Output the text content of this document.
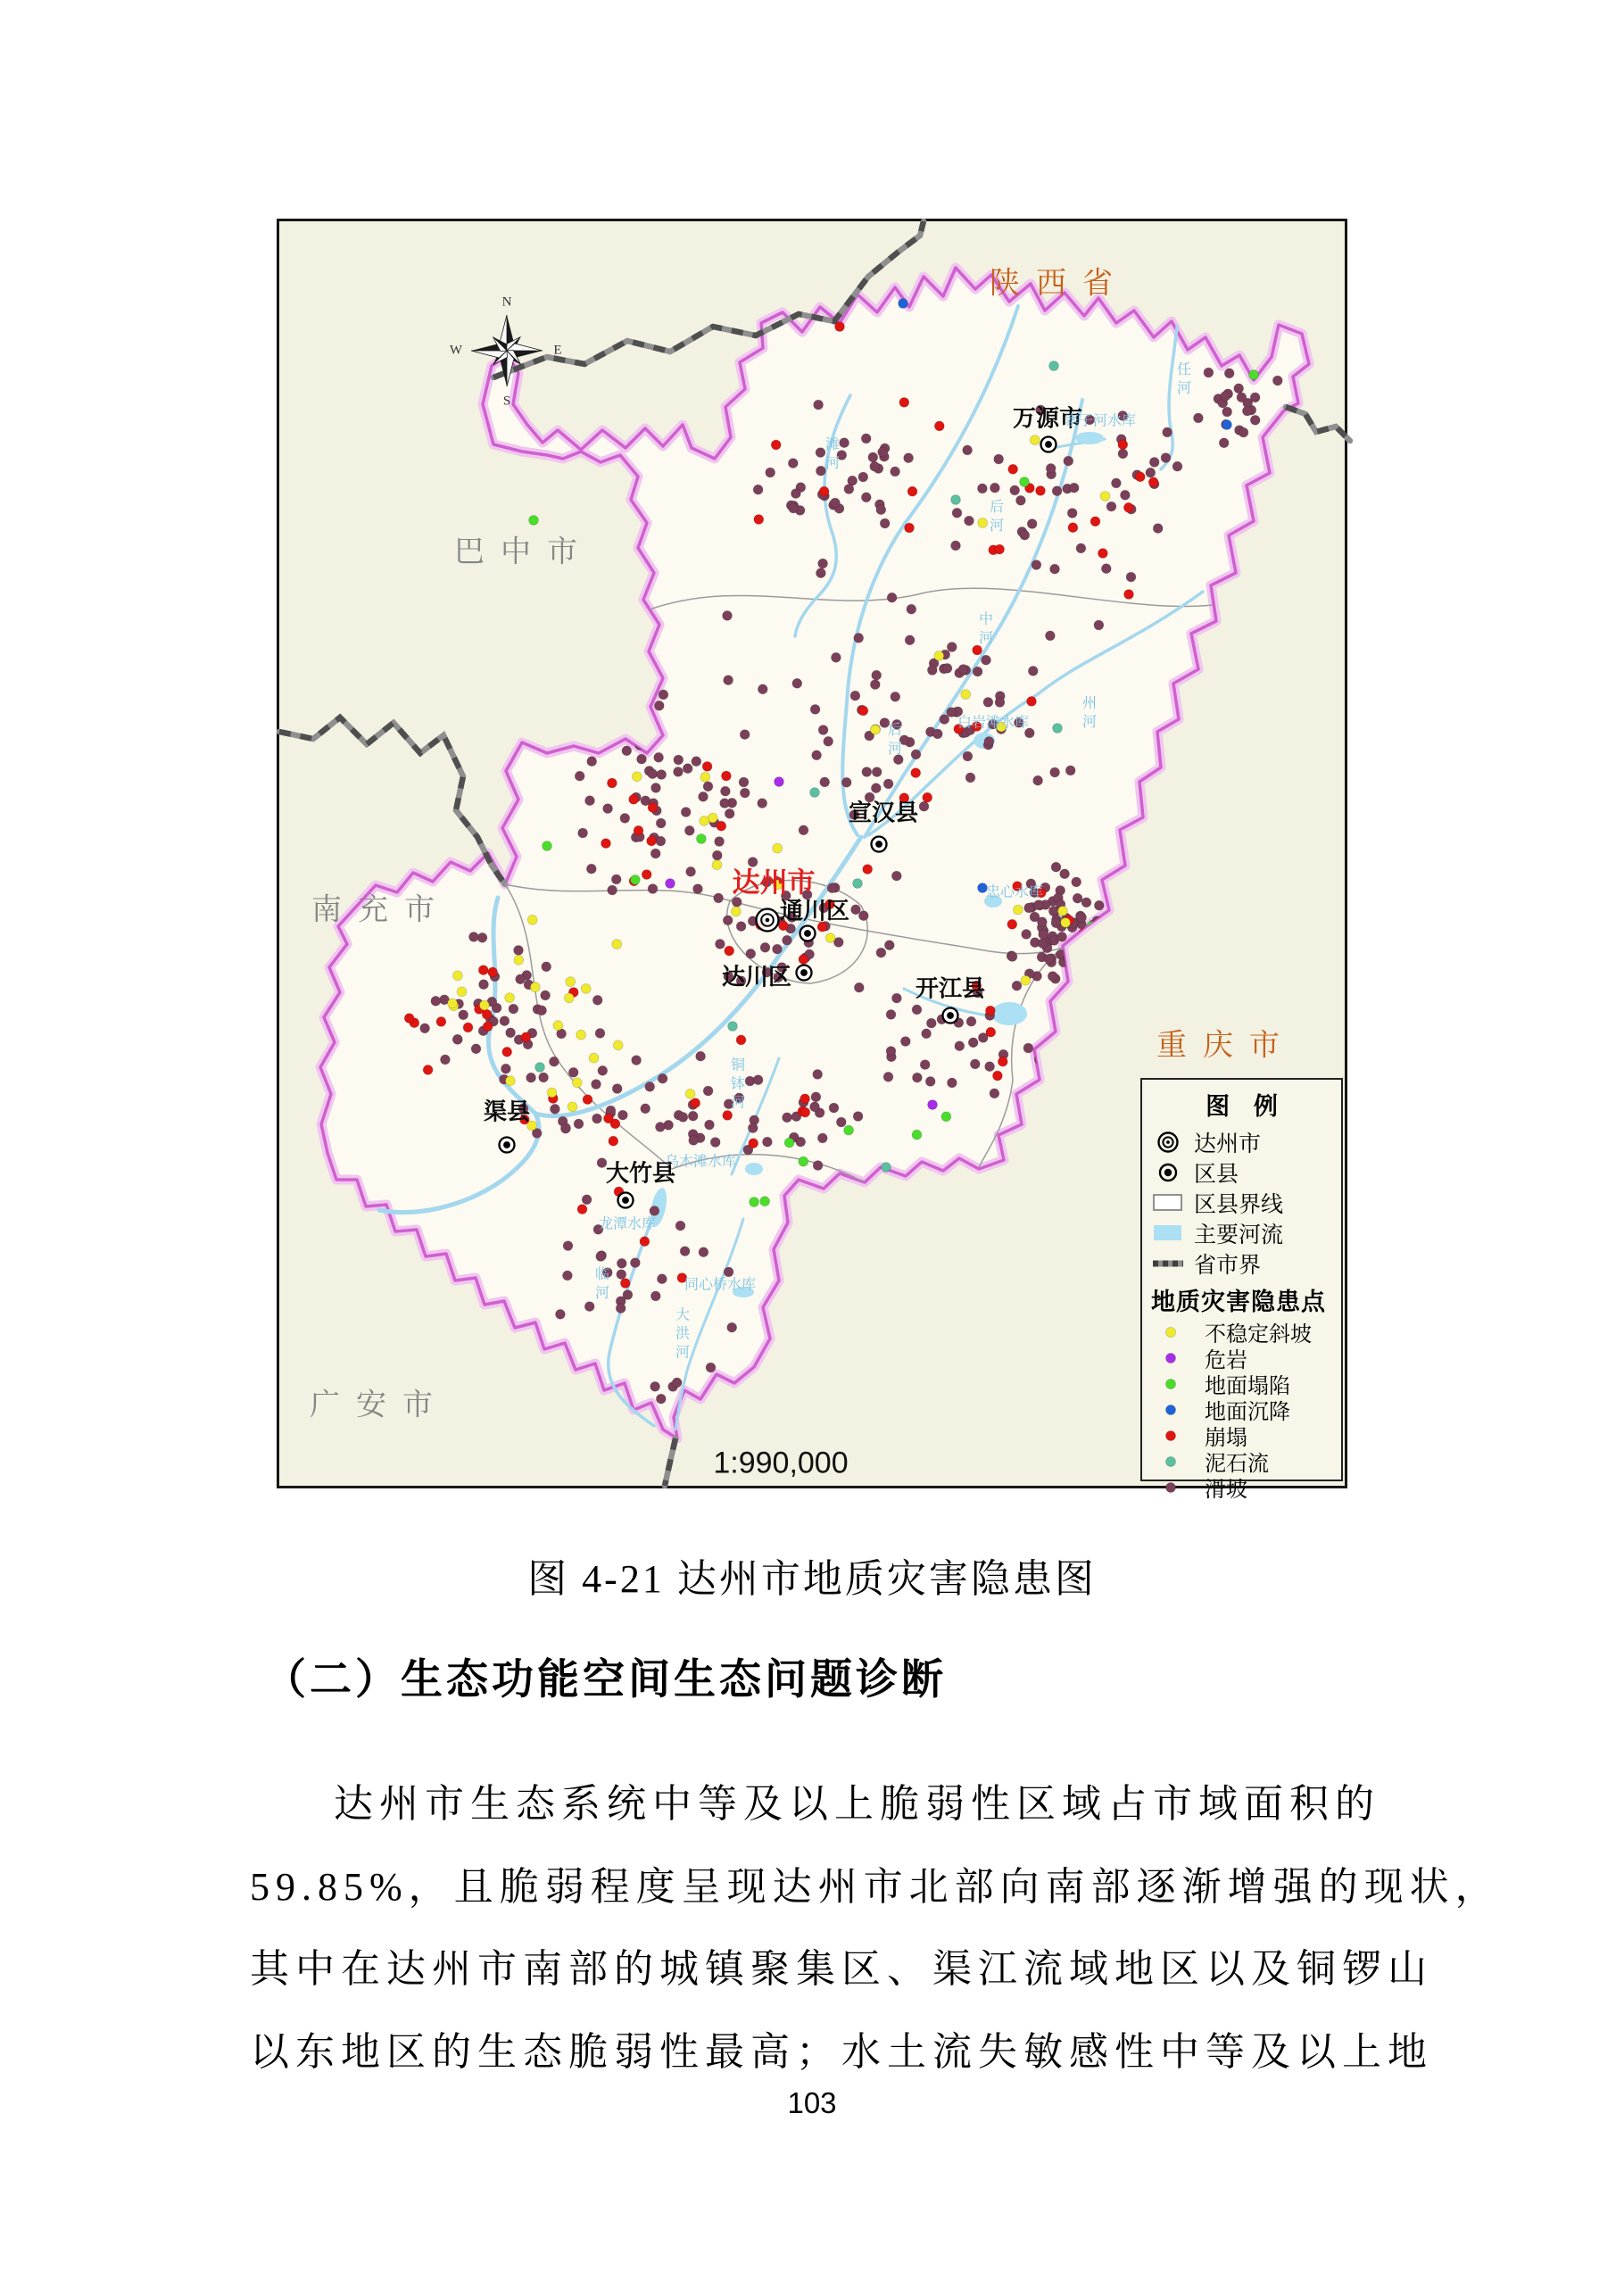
N
E
S
W
陕西省
巴中市
南充市
广安市
重庆市
万源市
宣汉县
达州市
通川区
达川区	开江县
渠县
大竹县
滩河
后河
中河
后河
州河
任河
铜钵河
临河
大洪河
寨子河水库
白岩滩水库
忠心水库
乌木滩水库
龙潭水库
同心桥水库
图 例
达州市
区县
区县界线
主要河流
省市界
地质灾害隐患点
不稳定斜坡
危岩
地面塌陷
地面沉降
崩塌
泥石流
滑坡
1:990,000
图 4-21 达州市地质灾害隐患图
（二）生态功能空间生态问题诊断
达州市生态系统中等及以上脆弱性区域占市域面积的
59.85%，且脆弱程度呈现达州市北部向南部逐渐增强的现状，
其中在达州市南部的城镇聚集区、渠江流域地区以及铜锣山
以东地区的生态脆弱性最高；水土流失敏感性中等及以上地
103
